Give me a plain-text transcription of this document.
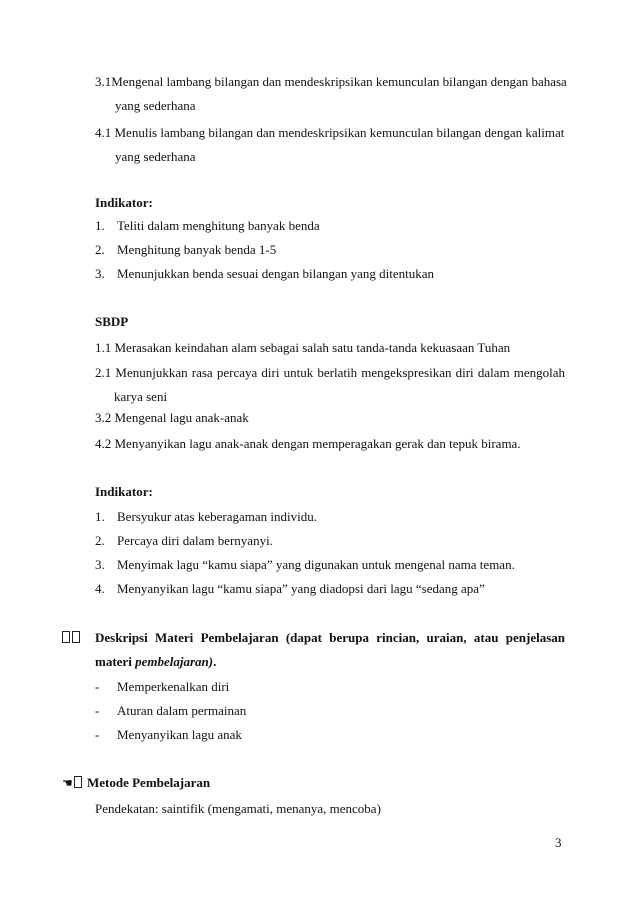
3.1Mengenal lambang bilangan dan mendeskripsikan kemunculan bilangan dengan bahasa
yang sederhana
4.1 Menulis lambang bilangan dan mendeskripsikan kemunculan bilangan dengan kalimat
yang sederhana
Indikator:
1. Teliti dalam menghitung banyak benda
2. Menghitung banyak benda 1-5
3. Menunjukkan benda sesuai dengan bilangan yang ditentukan
SBDP
1.1 Merasakan keindahan alam sebagai salah satu tanda-tanda kekuasaan Tuhan
2.1 Menunjukkan rasa percaya diri untuk berlatih mengekspresikan diri dalam mengolah
karya seni
3.2 Mengenal lagu anak-anak
4.2 Menyanyikan lagu anak-anak dengan memperagakan gerak dan tepuk birama.
Indikator:
1. Bersyukur atas keberagaman individu.
2. Percaya diri dalam bernyanyi.
3. Menyimak lagu “kamu siapa” yang digunakan untuk mengenal nama teman.
4. Menyanyikan lagu “kamu siapa” yang diadopsi dari lagu “sedang apa”
Deskripsi Materi Pembelajaran (dapat berupa rincian, uraian, atau penjelasan
materi pembelajaran).
- Memperkenalkan diri
- Aturan dalam permainan
- Menyanyikan lagu anak
☚	Metode Pembelajaran
Pendekatan: saintifik (mengamati, menanya, mencoba)
3
